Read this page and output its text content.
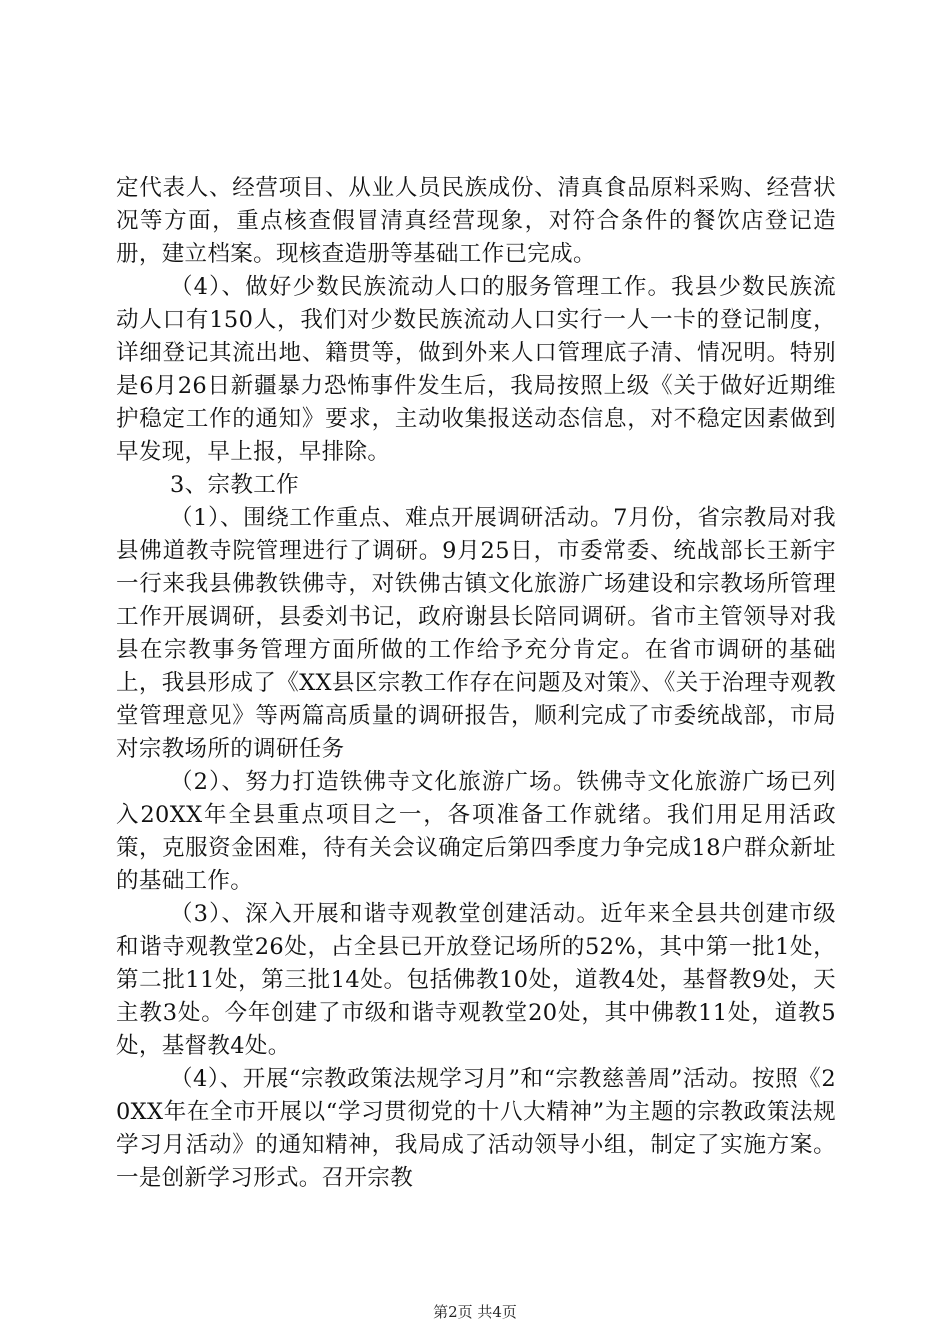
定代表人、经营项目、从业人员民族成份、清真食品原料采购、经营状况等方面，重点核查假冒清真经营现象，对符合条件的餐饮店登记造册，建立档案。现核查造册等基础工作已完成。

（4）、做好少数民族流动人口的服务管理工作。我县少数民族流动人口有150人，我们对少数民族流动人口实行一人一卡的登记制度，详细登记其流出地、籍贯等，做到外来人口管理底子清、情况明。特别是6月26日新疆暴力恐怖事件发生后，我局按照上级《关于做好近期维护稳定工作的通知》要求，主动收集报送动态信息，对不稳定因素做到早发现，早上报，早排除。

3、宗教工作

（1）、围绕工作重点、难点开展调研活动。7月份，省宗教局对我县佛道教寺院管理进行了调研。9月25日，市委常委、统战部长王新宇一行来我县佛教铁佛寺，对铁佛古镇文化旅游广场建设和宗教场所管理工作开展调研，县委刘书记，政府谢县长陪同调研。省市主管领导对我县在宗教事务管理方面所做的工作给予充分肯定。在省市调研的基础上，我县形成了《XX县区宗教工作存在问题及对策》、《关于治理寺观教堂管理意见》等两篇高质量的调研报告，顺利完成了市委统战部，市局对宗教场所的调研任务

（2）、努力打造铁佛寺文化旅游广场。铁佛寺文化旅游广场已列入20XX年全县重点项目之一，各项准备工作就绪。我们用足用活政策，克服资金困难，待有关会议确定后第四季度力争完成18户群众新址的基础工作。

（3）、深入开展和谐寺观教堂创建活动。近年来全县共创建市级和谐寺观教堂26处，占全县已开放登记场所的52%，其中第一批1处，第二批11处，第三批14处。包括佛教10处，道教4处，基督教9处，天主教3处。今年创建了市级和谐寺观教堂20处，其中佛教11处，道教5处，基督教4处。

（4）、开展“宗教政策法规学习月”和“宗教慈善周”活动。按照《20XX年在全市开展以“学习贯彻党的十八大精神”为主题的宗教政策法规学习月活动》的通知精神，我局成了活动领导小组，制定了实施方案。一是创新学习形式。召开宗教

第2页 共4页
